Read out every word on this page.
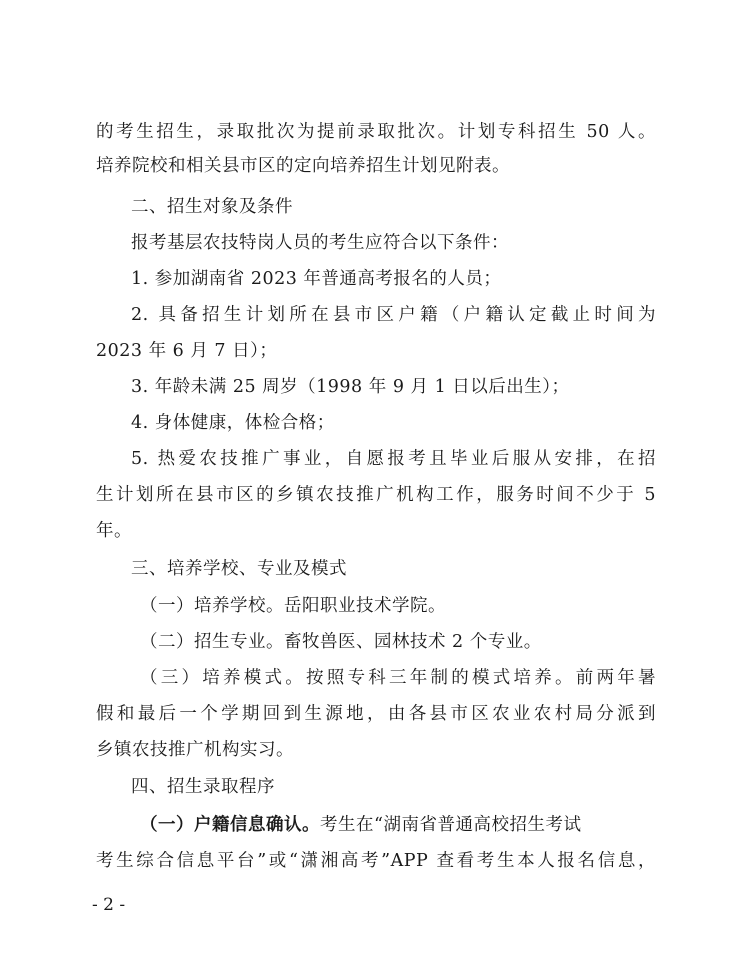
的考生招生，录取批次为提前录取批次。计划专科招生 50 人。
培养院校和相关县市区的定向培养招生计划见附表。
二、招生对象及条件
报考基层农技特岗人员的考生应符合以下条件：
1. 参加湖南省 2023 年普通高考报名的人员；
2. 具备招生计划所在县市区户籍（户籍认定截止时间为
2023 年 6 月 7 日）；
3. 年龄未满 25 周岁（1998 年 9 月 1 日以后出生）；
4. 身体健康，体检合格；
5. 热爱农技推广事业，自愿报考且毕业后服从安排，在招
生计划所在县市区的乡镇农技推广机构工作，服务时间不少于 5
年。
三、培养学校、专业及模式
（一）培养学校。岳阳职业技术学院。
（二）招生专业。畜牧兽医、园林技术 2 个专业。
（三）培养模式。按照专科三年制的模式培养。前两年暑
假和最后一个学期回到生源地，由各县市区农业农村局分派到
乡镇农技推广机构实习。
四、招生录取程序
（一）户籍信息确认。考生在“湖南省普通高校招生考试
考生综合信息平台”或“潇湘高考”APP 查看考生本人报名信息，
- 2 -
